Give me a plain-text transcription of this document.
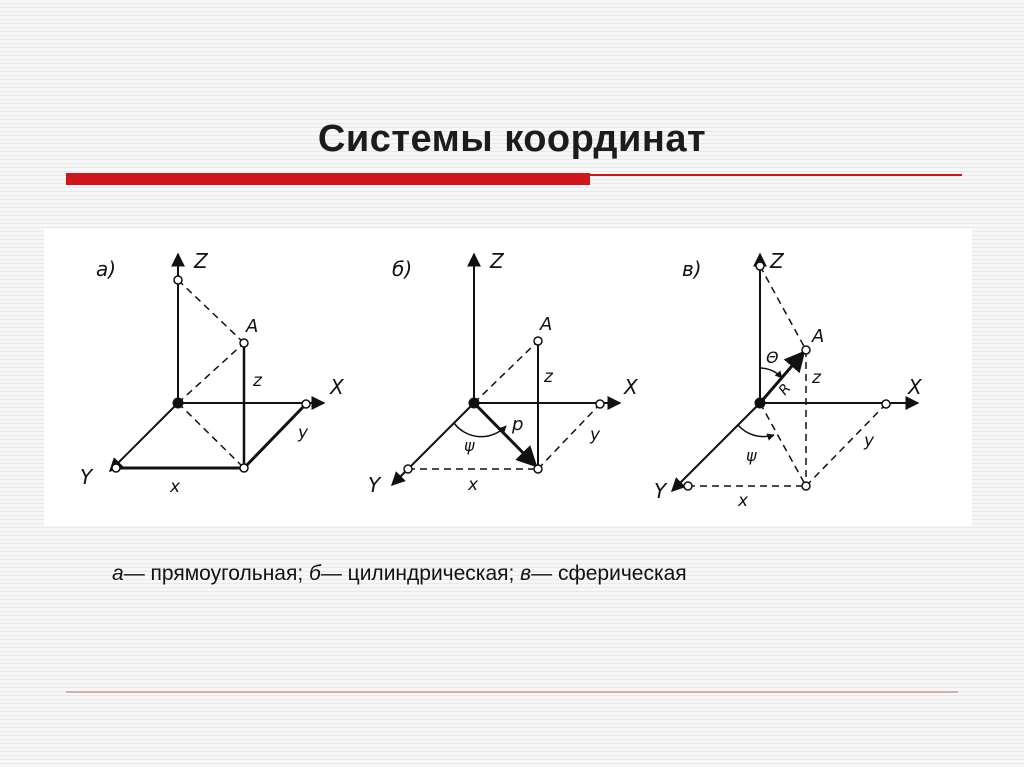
Системы координат
а)	Z
X
Y
A
z
x
y
б)	Z
X
Y
A
z
p
ψ
x
y
в)	Z
X
Y
A
z
R
Θ
ψ
x
y
а— прямоугольная; б— цилиндрическая; в— сферическая
